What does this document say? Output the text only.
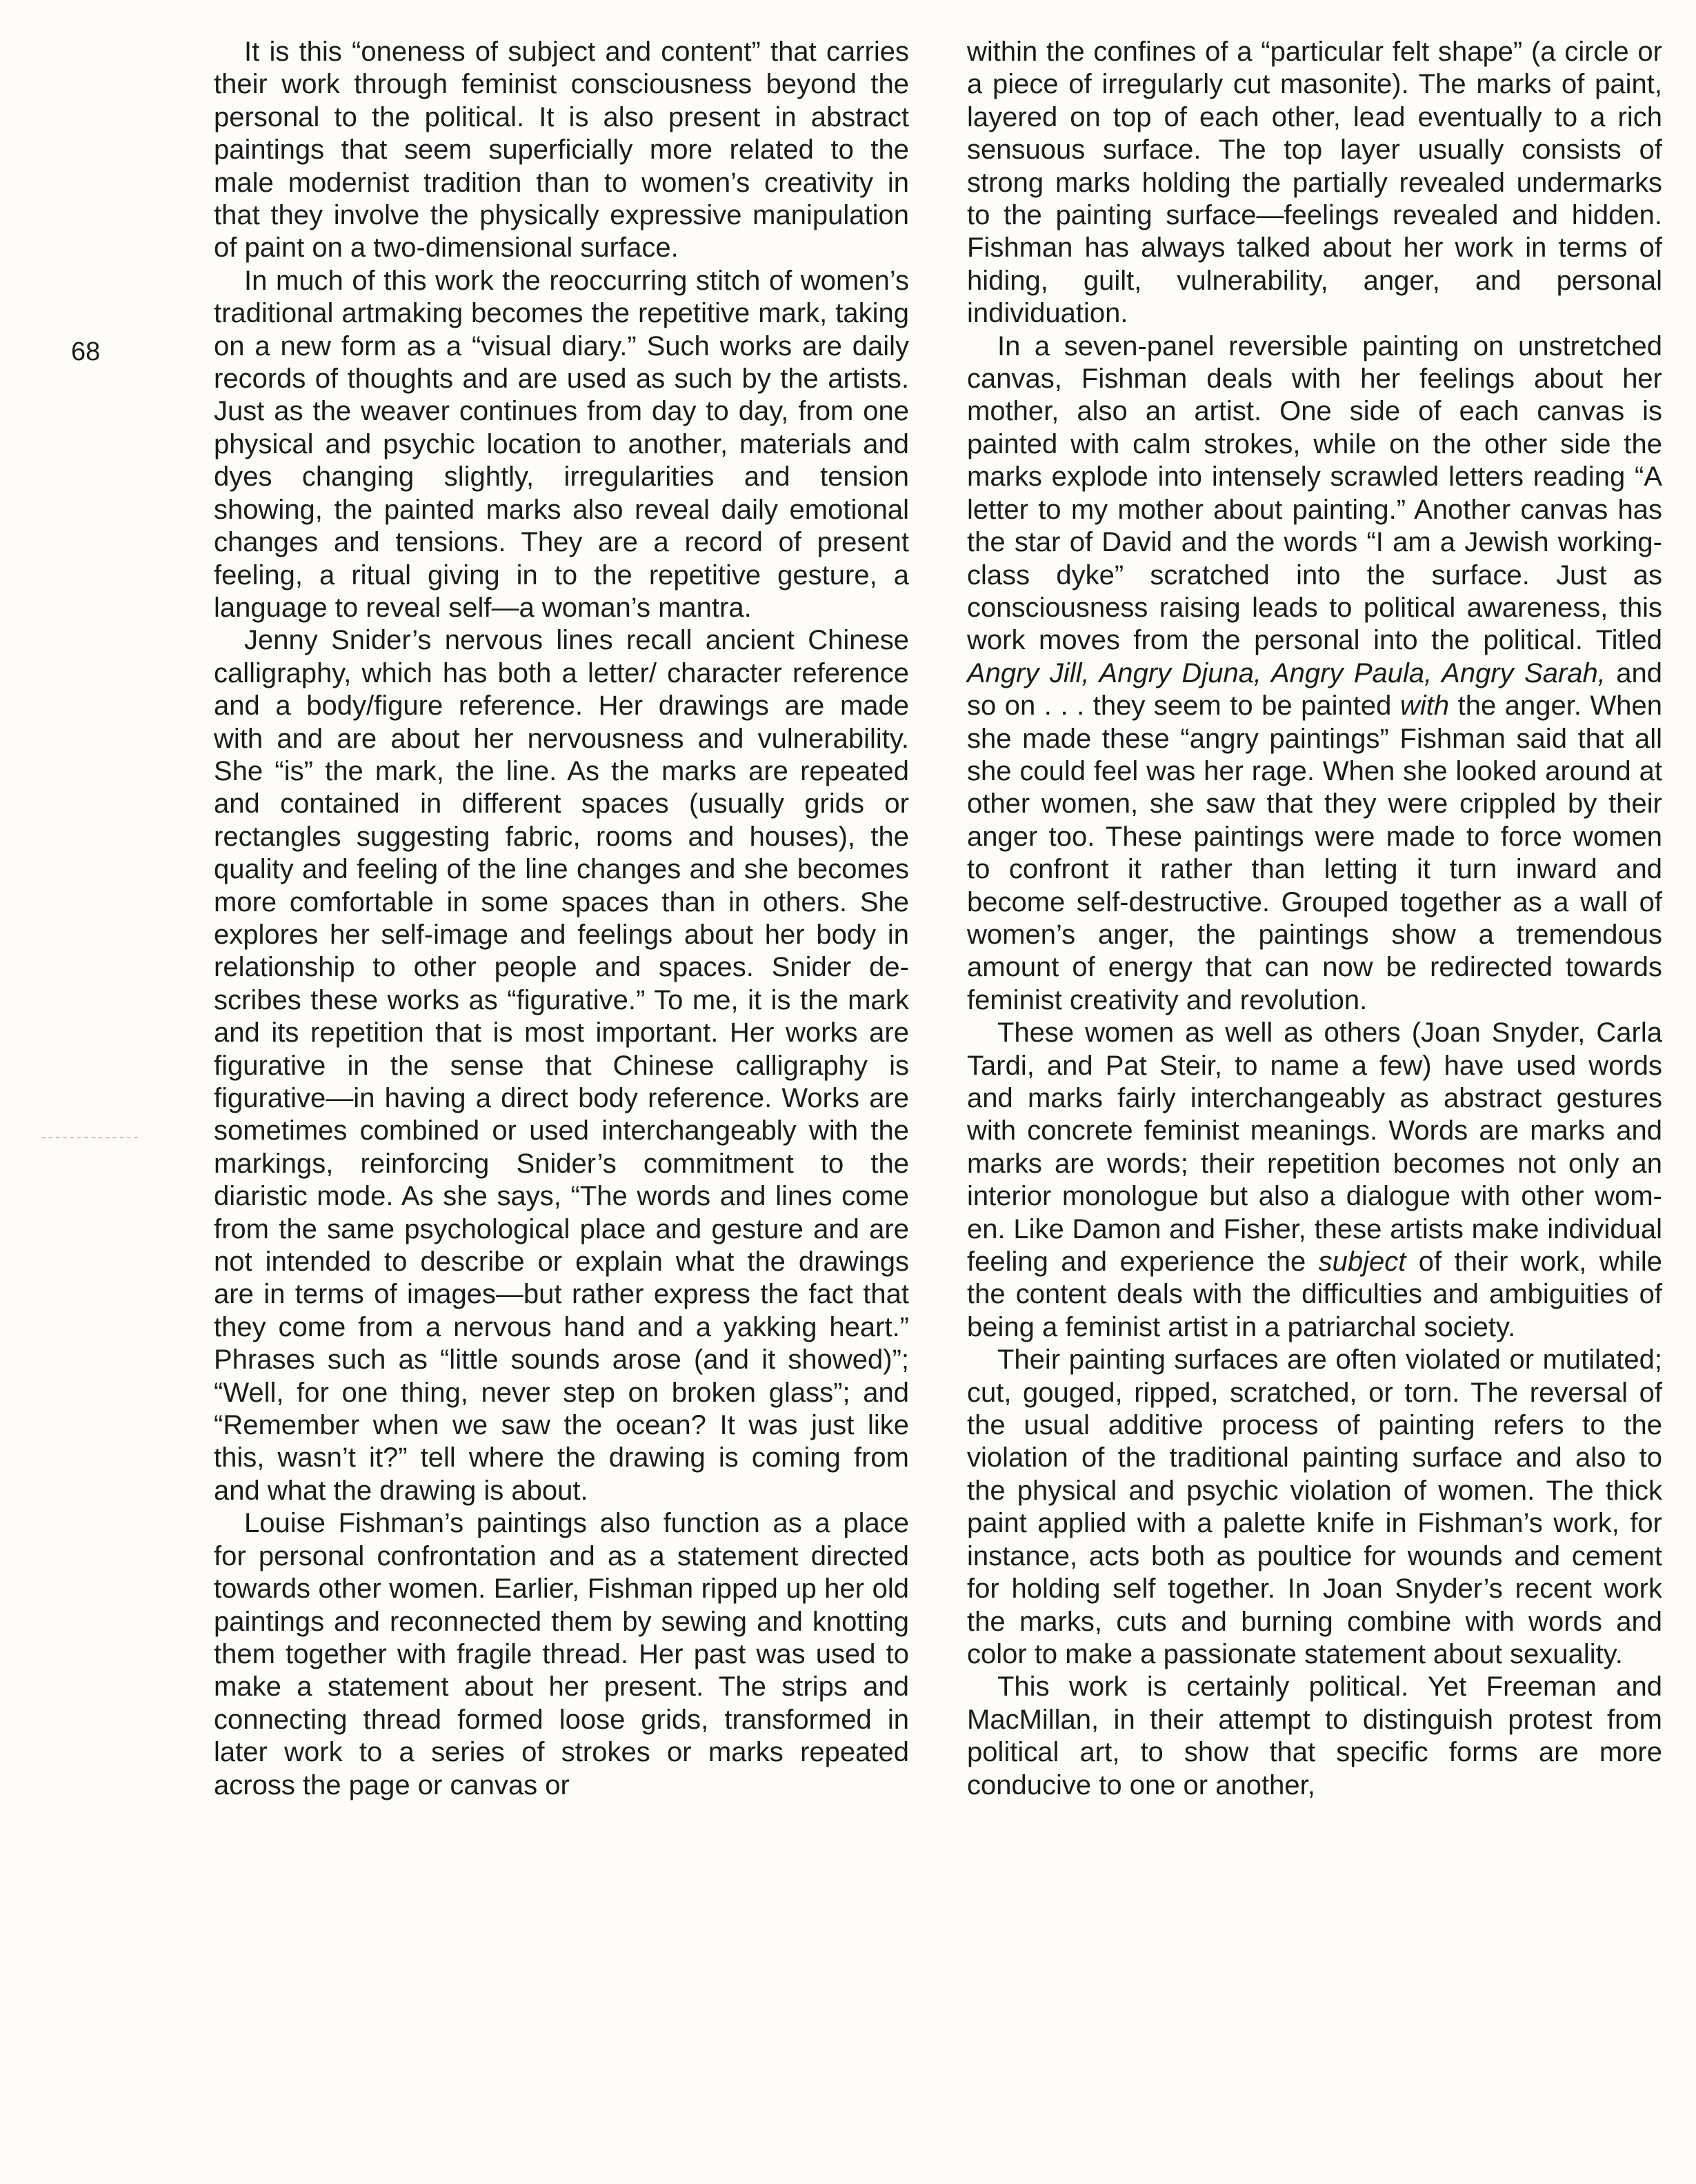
68

It is this “oneness of subject and content” that carries their work through feminist consciousness beyond the personal to the political. It is also present in abstract paintings that seem superficially more related to the male modernist tradition than to women’s creativity in that they involve the physically expressive manipulation of paint on a two-dimensional surface.

In much of this work the reoccurring stitch of women’s traditional artmaking becomes the repetitive mark, taking on a new form as a “visual diary.” Such works are daily records of thoughts and are used as such by the artists. Just as the weaver continues from day to day, from one physical and psychic location to another, materials and dyes changing slightly, irregularities and tension showing, the painted marks also reveal daily emotional changes and tensions. They are a record of present feeling, a ritual giving in to the repetitive gesture, a language to reveal self—a woman’s mantra.

Jenny Snider’s nervous lines recall ancient Chinese calligraphy, which has both a letter/ character reference and a body/figure reference. Her drawings are made with and are about her nervousness and vulnerability. She “is” the mark, the line. As the marks are repeated and contained in different spaces (usually grids or rectangles suggesting fabric, rooms and houses), the quality and feeling of the line changes and she becomes more comfortable in some spaces than in others. She explores her self-image and feelings about her body in relationship to other people and spaces. Snider describes these works as “figurative.” To me, it is the mark and its repetition that is most important. Her works are figurative in the sense that Chinese calligraphy is figurative—in having a direct body reference. Works are sometimes combined or used interchangeably with the markings, reinforcing Snider’s commitment to the diaristic mode. As she says, “The words and lines come from the same psychological place and gesture and are not intended to describe or explain what the drawings are in terms of images—but rather express the fact that they come from a nervous hand and a yakking heart.” Phrases such as “little sounds arose (and it showed)”; “Well, for one thing, never step on broken glass”; and “Remember when we saw the ocean? It was just like this, wasn’t it?” tell where the drawing is coming from and what the drawing is about.

Louise Fishman’s paintings also function as a place for personal confrontation and as a statement directed towards other women. Earlier, Fishman ripped up her old paintings and reconnected them by sewing and knotting them together with fragile thread. Her past was used to make a statement about her present. The strips and connecting thread formed loose grids, transformed in later work to a series of strokes or marks repeated across the page or canvas or

within the confines of a “particular felt shape” (a circle or a piece of irregularly cut masonite). The marks of paint, layered on top of each other, lead eventually to a rich sensuous surface. The top layer usually consists of strong marks holding the partially revealed undermarks to the painting surface—feelings revealed and hidden. Fishman has always talked about her work in terms of hiding, guilt, vulnerability, anger, and personal individuation.

In a seven-panel reversible painting on unstretched canvas, Fishman deals with her feelings about her mother, also an artist. One side of each canvas is painted with calm strokes, while on the other side the marks explode into intensely scrawled letters reading “A letter to my mother about painting.” Another canvas has the star of David and the words “I am a Jewish working-class dyke” scratched into the surface. Just as consciousness raising leads to political awareness, this work moves from the personal into the political. Titled Angry Jill, Angry Djuna, Angry Paula, Angry Sarah, and so on . . . they seem to be painted with the anger. When she made these “angry paintings” Fishman said that all she could feel was her rage. When she looked around at other women, she saw that they were crippled by their anger too. These paintings were made to force women to confront it rather than letting it turn inward and become self-destructive. Grouped together as a wall of women’s anger, the paintings show a tremendous amount of energy that can now be redirected towards feminist creativity and revolution.

These women as well as others (Joan Snyder, Carla Tardi, and Pat Steir, to name a few) have used words and marks fairly interchangeably as abstract gestures with concrete feminist meanings. Words are marks and marks are words; their repetition becomes not only an interior monologue but also a dialogue with other women. Like Damon and Fisher, these artists make individual feeling and experience the subject of their work, while the content deals with the difficulties and ambiguities of being a feminist artist in a patriarchal society.

Their painting surfaces are often violated or mutilated; cut, gouged, ripped, scratched, or torn. The reversal of the usual additive process of painting refers to the violation of the traditional painting surface and also to the physical and psychic violation of women. The thick paint applied with a palette knife in Fishman’s work, for instance, acts both as poultice for wounds and cement for holding self together. In Joan Snyder’s recent work the marks, cuts and burning combine with words and color to make a passionate statement about sexuality.

This work is certainly political. Yet Freeman and MacMillan, in their attempt to distinguish protest from political art, to show that specific forms are more conducive to one or another,
